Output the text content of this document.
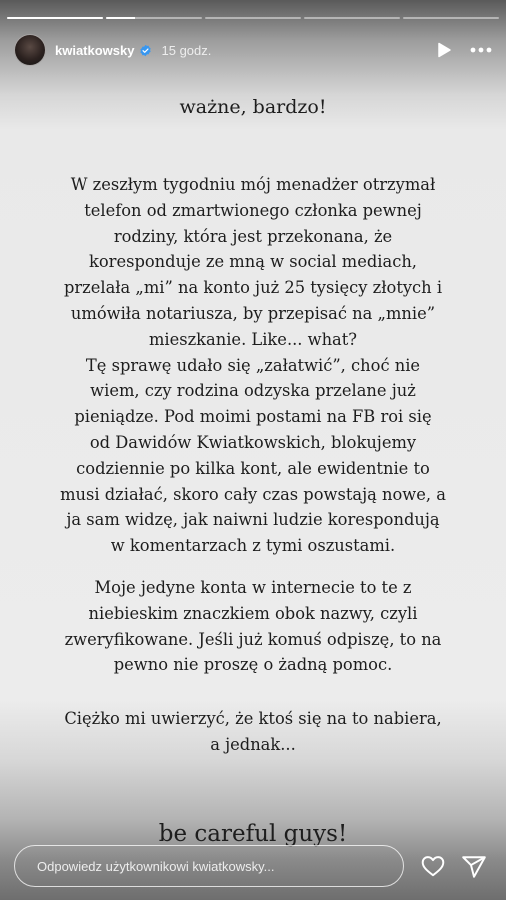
kwiatkowsky 15 godz.

ważne, bardzo!

W zeszłym tygodniu mój menadżer otrzymał
telefon od zmartwionego członka pewnej
rodziny, która jest przekonana, że
koresponduje ze mną w social mediach,
przelała „mi” na konto już 25 tysięcy złotych i
umówiła notariusza, by przepisać na „mnie”
mieszkanie. Like... what?
Tę sprawę udało się „załatwić”, choć nie
wiem, czy rodzina odzyska przelane już
pieniądze. Pod moimi postami na FB roi się
od Dawidów Kwiatkowskich, blokujemy
codziennie po kilka kont, ale ewidentnie to
musi działać, skoro cały czas powstają nowe, a
ja sam widzę, jak naiwni ludzie korespondują
w komentarzach z tymi oszustami.

Moje jedyne konta w internecie to te z
niebieskim znaczkiem obok nazwy, czyli
zweryfikowane. Jeśli już komuś odpiszę, to na
pewno nie proszę o żadną pomoc.

Ciężko mi uwierzyć, że ktoś się na to nabiera,
a jednak...

be careful guys!

Odpowiedz użytkownikowi kwiatkowsky...
